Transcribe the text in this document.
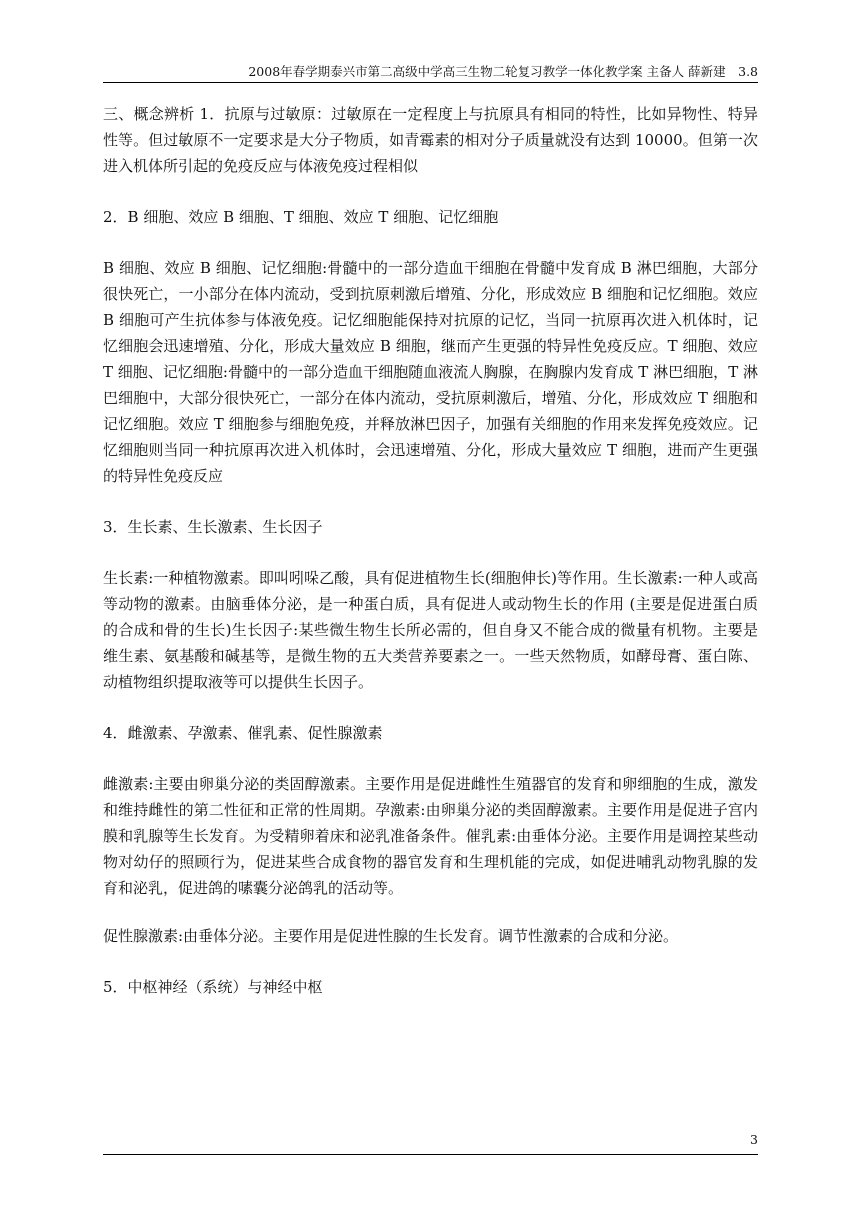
2008年春学期泰兴市第二高级中学高三生物二轮复习教学一体化教学案 主备人 薛新建　3.8

三、概念辨析 1．抗原与过敏原：过敏原在一定程度上与抗原具有相同的特性，比如异物性、特异性等。但过敏原不一定要求是大分子物质，如青霉素的相对分子质量就没有达到 10000。但第一次进入机体所引起的免疫反应与体液免疫过程相似

2．B 细胞、效应 B 细胞、T 细胞、效应 T 细胞、记忆细胞

B 细胞、效应 B 细胞、记忆细胞:骨髓中的一部分造血干细胞在骨髓中发育成 B 淋巴细胞，大部分很快死亡，一小部分在体内流动，受到抗原刺激后增殖、分化，形成效应 B 细胞和记忆细胞。效应 B 细胞可产生抗体参与体液免疫。记忆细胞能保持对抗原的记忆，当同一抗原再次进入机体时，记忆细胞会迅速增殖、分化，形成大量效应 B 细胞，继而产生更强的特异性免疫反应。T 细胞、效应 T 细胞、记忆细胞:骨髓中的一部分造血干细胞随血液流人胸腺，在胸腺内发育成 T 淋巴细胞，T 淋巴细胞中，大部分很快死亡，一部分在体内流动，受抗原刺激后，增殖、分化，形成效应 T 细胞和记忆细胞。效应 T 细胞参与细胞免疫，并释放淋巴因子，加强有关细胞的作用来发挥免疫效应。记忆细胞则当同一种抗原再次进入机体时，会迅速增殖、分化，形成大量效应 T 细胞，进而产生更强的特异性免疫反应

3．生长素、生长激素、生长因子

生长素:一种植物激素。即叫吲哚乙酸，具有促进植物生长(细胞伸长)等作用。生长激素:一种人或高等动物的激素。由脑垂体分泌，是一种蛋白质，具有促进人或动物生长的作用 (主要是促进蛋白质的合成和骨的生长)生长因子:某些微生物生长所必需的，但自身又不能合成的微量有机物。主要是维生素、氨基酸和碱基等，是微生物的五大类营养要素之一。一些天然物质，如酵母膏、蛋白陈、动植物组织提取液等可以提供生长因子。

4．雌激素、孕激素、催乳素、促性腺激素

雌激素:主要由卵巢分泌的类固醇激素。主要作用是促进雌性生殖器官的发育和卵细胞的生成，激发和维持雌性的第二性征和正常的性周期。孕激素:由卵巢分泌的类固醇激素。主要作用是促进子宫内膜和乳腺等生长发育。为受精卵着床和泌乳准备条件。催乳素:由垂体分泌。主要作用是调控某些动物对幼仔的照顾行为，促进某些合成食物的器官发育和生理机能的完成，如促进哺乳动物乳腺的发育和泌乳，促进鸽的嗉囊分泌鸽乳的活动等。

促性腺激素:由垂体分泌。主要作用是促进性腺的生长发育。调节性激素的合成和分泌。

5．中枢神经（系统）与神经中枢

3
